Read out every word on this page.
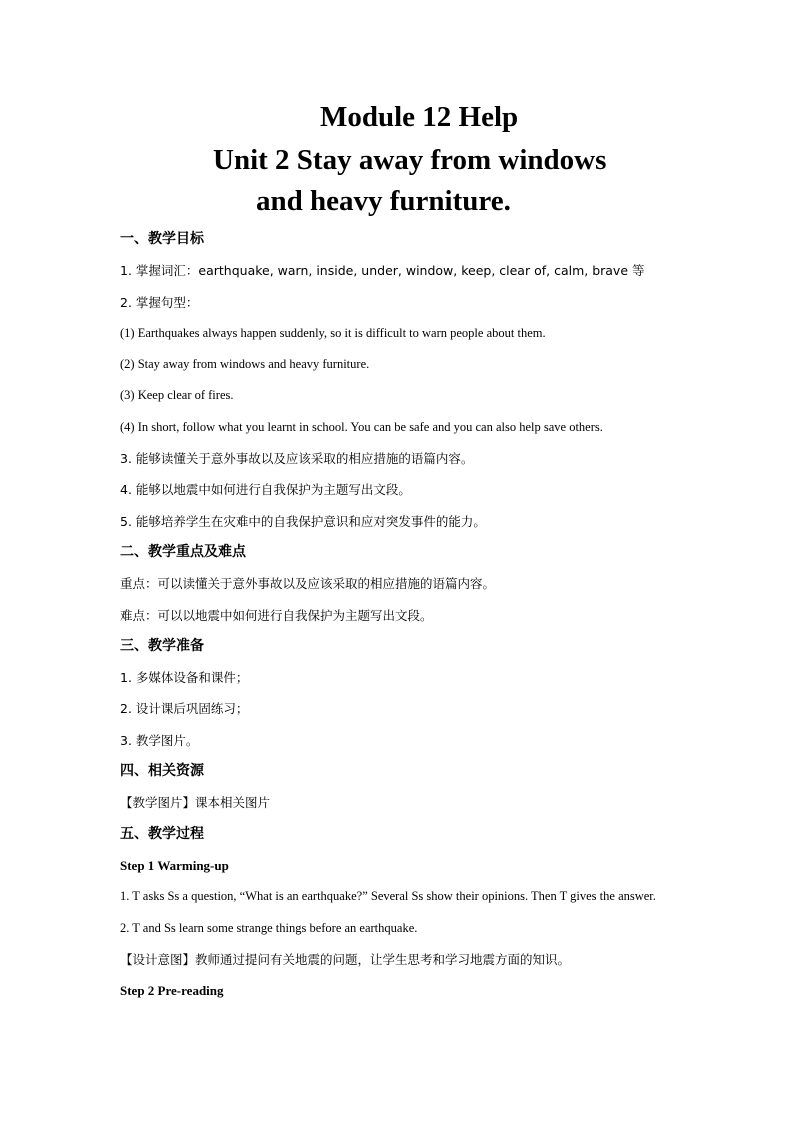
Module 12 Help
Unit 2 Stay away from windows
and heavy furniture.
一、教学目标
1. 掌握词汇：earthquake, warn, inside, under, window, keep, clear of, calm, brave 等
2. 掌握句型：
(1) Earthquakes always happen suddenly, so it is difficult to warn people about them.
(2) Stay away from windows and heavy furniture.
(3) Keep clear of fires.
(4) In short, follow what you learnt in school. You can be safe and you can also help save others.
3. 能够读懂关于意外事故以及应该采取的相应措施的语篇内容。
4. 能够以地震中如何进行自我保护为主题写出文段。
5. 能够培养学生在灾难中的自我保护意识和应对突发事件的能力。
二、教学重点及难点
重点：可以读懂关于意外事故以及应该采取的相应措施的语篇内容。
难点：可以以地震中如何进行自我保护为主题写出文段。
三、教学准备
1. 多媒体设备和课件；
2. 设计课后巩固练习；
3. 教学图片。
四、相关资源
【教学图片】课本相关图片
五、教学过程
Step 1 Warming-up
1. T asks Ss a question, “What is an earthquake?” Several Ss show their opinions. Then T gives the answer.
2. T and Ss learn some strange things before an earthquake.
【设计意图】教师通过提问有关地震的问题，让学生思考和学习地震方面的知识。
Step 2 Pre-reading
